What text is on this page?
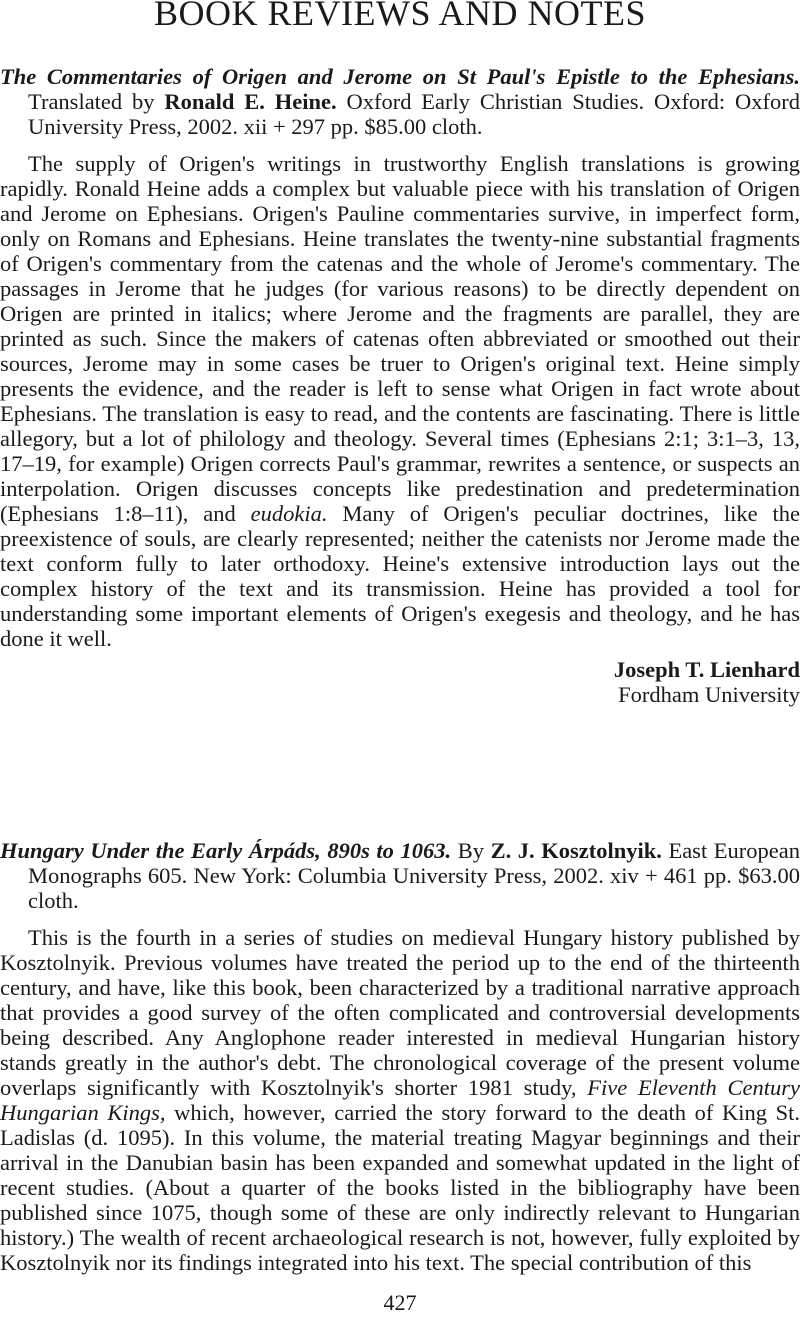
BOOK REVIEWS AND NOTES

The Commentaries of Origen and Jerome on St Paul's Epistle to the Ephesians. Translated by Ronald E. Heine. Oxford Early Christian Studies. Oxford: Oxford University Press, 2002. xii + 297 pp. $85.00 cloth.

The supply of Origen's writings in trustworthy English translations is growing rapidly. Ronald Heine adds a complex but valuable piece with his translation of Origen and Jerome on Ephesians. Origen's Pauline commentaries survive, in imperfect form, only on Romans and Ephesians. Heine translates the twenty-nine substantial fragments of Origen's commentary from the catenas and the whole of Jerome's commentary. The passages in Jerome that he judges (for various reasons) to be directly dependent on Origen are printed in italics; where Jerome and the fragments are parallel, they are printed as such. Since the makers of catenas often abbreviated or smoothed out their sources, Jerome may in some cases be truer to Origen's original text. Heine simply presents the evidence, and the reader is left to sense what Origen in fact wrote about Ephesians. The translation is easy to read, and the contents are fascinating. There is little allegory, but a lot of philology and theology. Several times (Ephesians 2:1; 3:1–3, 13, 17–19, for example) Origen corrects Paul's grammar, rewrites a sentence, or suspects an interpolation. Origen discusses concepts like predestination and predetermination (Ephesians 1:8–11), and eudokia. Many of Origen's peculiar doctrines, like the preexistence of souls, are clearly represented; neither the catenists nor Jerome made the text conform fully to later orthodoxy. Heine's extensive introduction lays out the complex history of the text and its transmission. Heine has provided a tool for understanding some important elements of Origen's exegesis and theology, and he has done it well.

Joseph T. Lienhard
Fordham University

Hungary Under the Early Árpáds, 890s to 1063. By Z. J. Kosztolnyik. East European Monographs 605. New York: Columbia University Press, 2002. xiv + 461 pp. $63.00 cloth.

This is the fourth in a series of studies on medieval Hungary history published by Kosztolnyik. Previous volumes have treated the period up to the end of the thirteenth century, and have, like this book, been characterized by a traditional narrative approach that provides a good survey of the often complicated and controversial developments being described. Any Anglophone reader interested in medieval Hungarian history stands greatly in the author's debt. The chronological coverage of the present volume overlaps significantly with Kosztolnyik's shorter 1981 study, Five Eleventh Century Hungarian Kings, which, however, carried the story forward to the death of King St. Ladislas (d. 1095). In this volume, the material treating Magyar beginnings and their arrival in the Danubian basin has been expanded and somewhat updated in the light of recent studies. (About a quarter of the books listed in the bibliography have been published since 1075, though some of these are only indirectly relevant to Hungarian history.) The wealth of recent archaeological research is not, however, fully exploited by Kosztolnyik nor its findings integrated into his text. The special contribution of this

427
